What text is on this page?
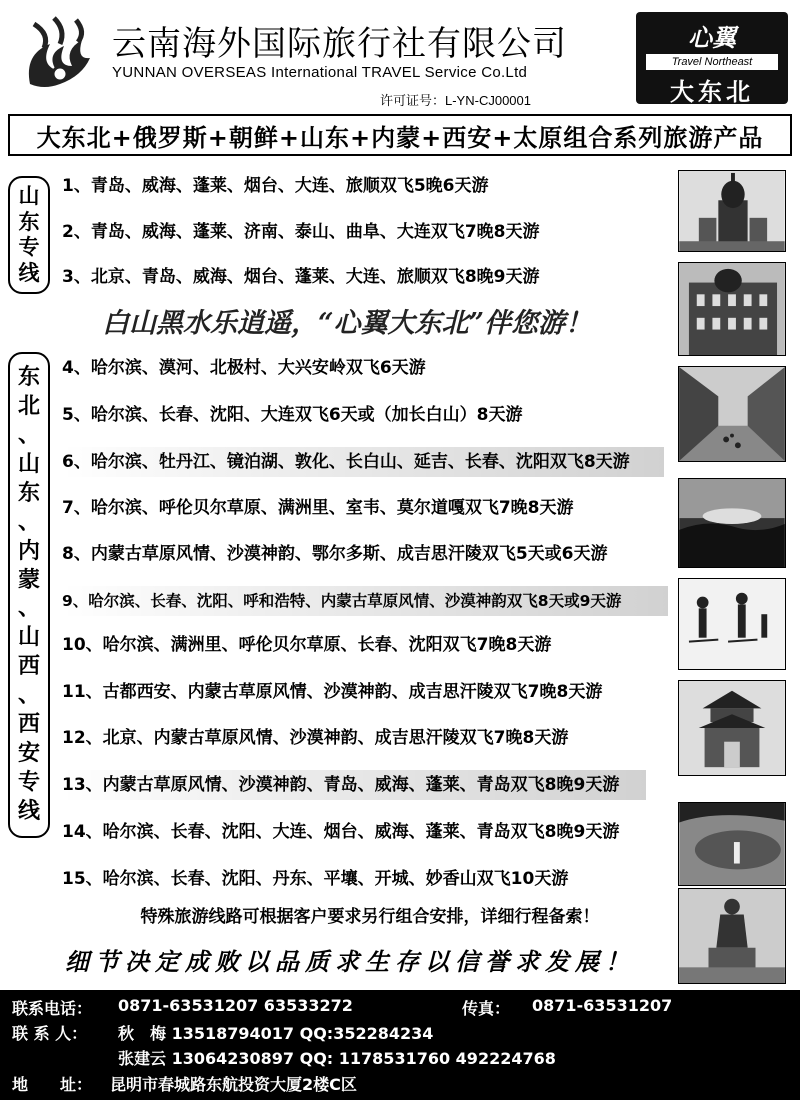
云南海外国际旅行社有限公司
YUNNAN OVERSEAS International TRAVEL Service Co.Ltd
许可证号：L-YN-CJ00001
心翼
Travel Northeast
大东北
大东北+俄罗斯+朝鲜+山东+内蒙+西安+太原组合系列旅游产品
山
东
专
线
东
北
、
山
东
、
内
蒙
、
山
西
、
西
安
专
线
1、青岛、威海、蓬莱、烟台、大连、旅顺双飞5晚6天游
2、青岛、威海、蓬莱、济南、泰山、曲阜、大连双飞7晚8天游
3、北京、青岛、威海、烟台、蓬莱、大连、旅顺双飞8晚9天游
白山黑水乐逍遥，“心翼大东北”伴您游！
4、哈尔滨、漠河、北极村、大兴安岭双飞6天游
5、哈尔滨、长春、沈阳、大连双飞6天或（加长白山）8天游
6、哈尔滨、牡丹江、镜泊湖、敦化、长白山、延吉、长春、沈阳双飞8天游
7、哈尔滨、呼伦贝尔草原、满洲里、室韦、莫尔道嘎双飞7晚8天游
8、内蒙古草原风情、沙漠神韵、鄂尔多斯、成吉思汗陵双飞5天或6天游
9、哈尔滨、长春、沈阳、呼和浩特、内蒙古草原风情、沙漠神韵双飞8天或9天游
10、哈尔滨、满洲里、呼伦贝尔草原、长春、沈阳双飞7晚8天游
11、古都西安、内蒙古草原风情、沙漠神韵、成吉思汗陵双飞7晚8天游
12、北京、内蒙古草原风情、沙漠神韵、成吉思汗陵双飞7晚8天游
13、内蒙古草原风情、沙漠神韵、青岛、威海、蓬莱、青岛双飞8晚9天游
14、哈尔滨、长春、沈阳、大连、烟台、威海、蓬莱、青岛双飞8晚9天游
15、哈尔滨、长春、沈阳、丹东、平壤、开城、妙香山双飞10天游
特殊旅游线路可根据客户要求另行组合安排，详细行程备索！
细节决定成败以品质求生存以信誉求发展！
联系电话： 0871-63531207 63533272	传真： 0871-63531207
联 系 人： 秋　梅 13518794017 QQ:352284234
张建云 13064230897 QQ: 1178531760 492224768
地　　址： 昆明市春城路东航投资大厦2楼C区
